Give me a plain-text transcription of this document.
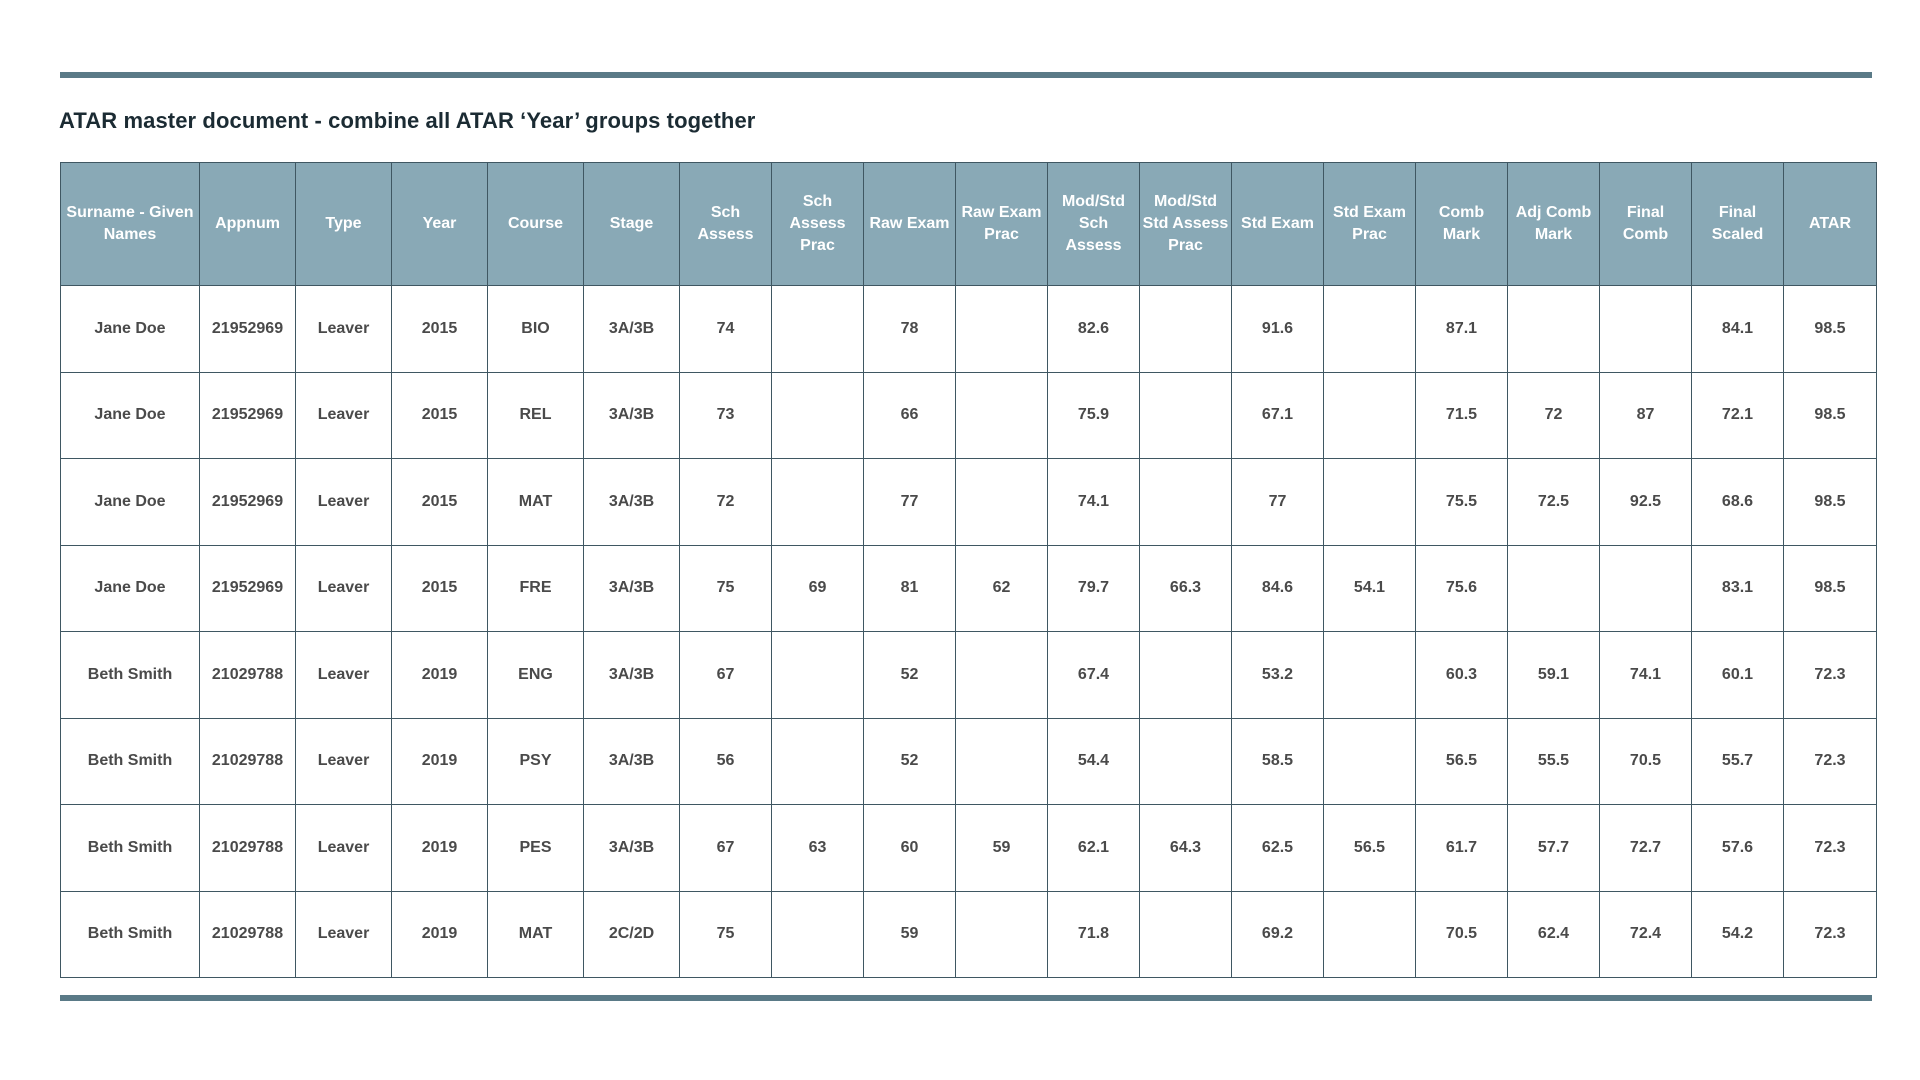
ATAR master document - combine all ATAR ‘Year’ groups together
Surname - Given Names	Appnum	Type	Year	Course	Stage	Sch Assess	Sch Assess Prac	Raw Exam	Raw Exam Prac	Mod/Std Sch Assess	Mod/Std Std Assess Prac	Std Exam	Std Exam Prac	Comb Mark	Adj Comb Mark	Final Comb	Final Scaled	ATAR
Jane Doe	21952969	Leaver	2015	BIO	3A/3B	74		78		82.6		91.6		87.1			84.1	98.5
Jane Doe	21952969	Leaver	2015	REL	3A/3B	73		66		75.9		67.1		71.5	72	87	72.1	98.5
Jane Doe	21952969	Leaver	2015	MAT	3A/3B	72		77		74.1		77		75.5	72.5	92.5	68.6	98.5
Jane Doe	21952969	Leaver	2015	FRE	3A/3B	75	69	81	62	79.7	66.3	84.6	54.1	75.6			83.1	98.5
Beth Smith	21029788	Leaver	2019	ENG	3A/3B	67		52		67.4		53.2		60.3	59.1	74.1	60.1	72.3
Beth Smith	21029788	Leaver	2019	PSY	3A/3B	56		52		54.4		58.5		56.5	55.5	70.5	55.7	72.3
Beth Smith	21029788	Leaver	2019	PES	3A/3B	67	63	60	59	62.1	64.3	62.5	56.5	61.7	57.7	72.7	57.6	72.3
Beth Smith	21029788	Leaver	2019	MAT	2C/2D	75		59		71.8		69.2		70.5	62.4	72.4	54.2	72.3
